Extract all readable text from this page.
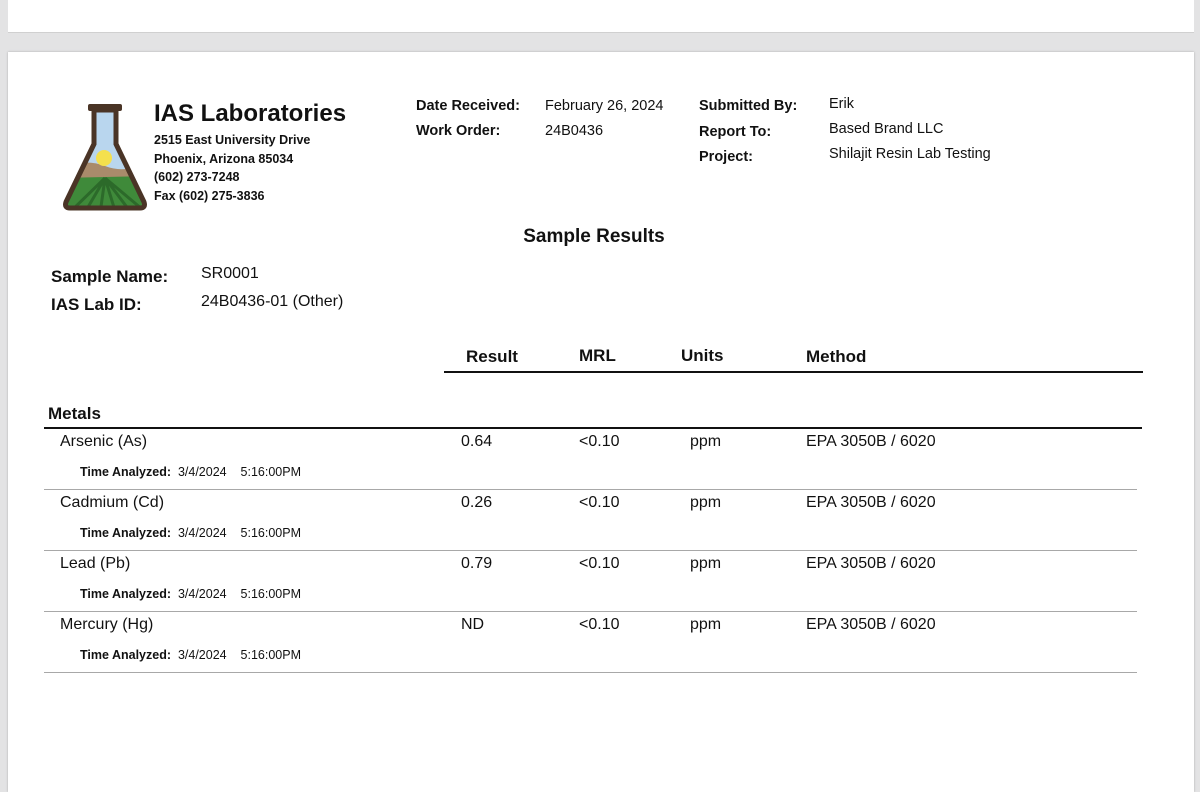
IAS Laboratories
2515 East University Drive
Phoenix, Arizona 85034
(602) 273-7248
Fax (602) 275-3836
Date Received: February 26, 2024
Work Order:	24B0436
Submitted By: Erik
Report To:	Based Brand LLC
Project:	Shilajit Resin Lab Testing
Sample Results
Sample Name: SR0001
IAS Lab ID:	24B0436-01 (Other)
Result	MRL	Units	Method
Metals
Arsenic (As)	0.64	<0.10	ppm	EPA 3050B / 6020
Time Analyzed: 3/4/2024 5:16:00PM
Cadmium (Cd)	0.26	<0.10	ppm	EPA 3050B / 6020
Time Analyzed: 3/4/2024 5:16:00PM
Lead (Pb)	0.79	<0.10	ppm	EPA 3050B / 6020
Time Analyzed: 3/4/2024 5:16:00PM
Mercury (Hg)	ND	<0.10	ppm	EPA 3050B / 6020
Time Analyzed: 3/4/2024 5:16:00PM
